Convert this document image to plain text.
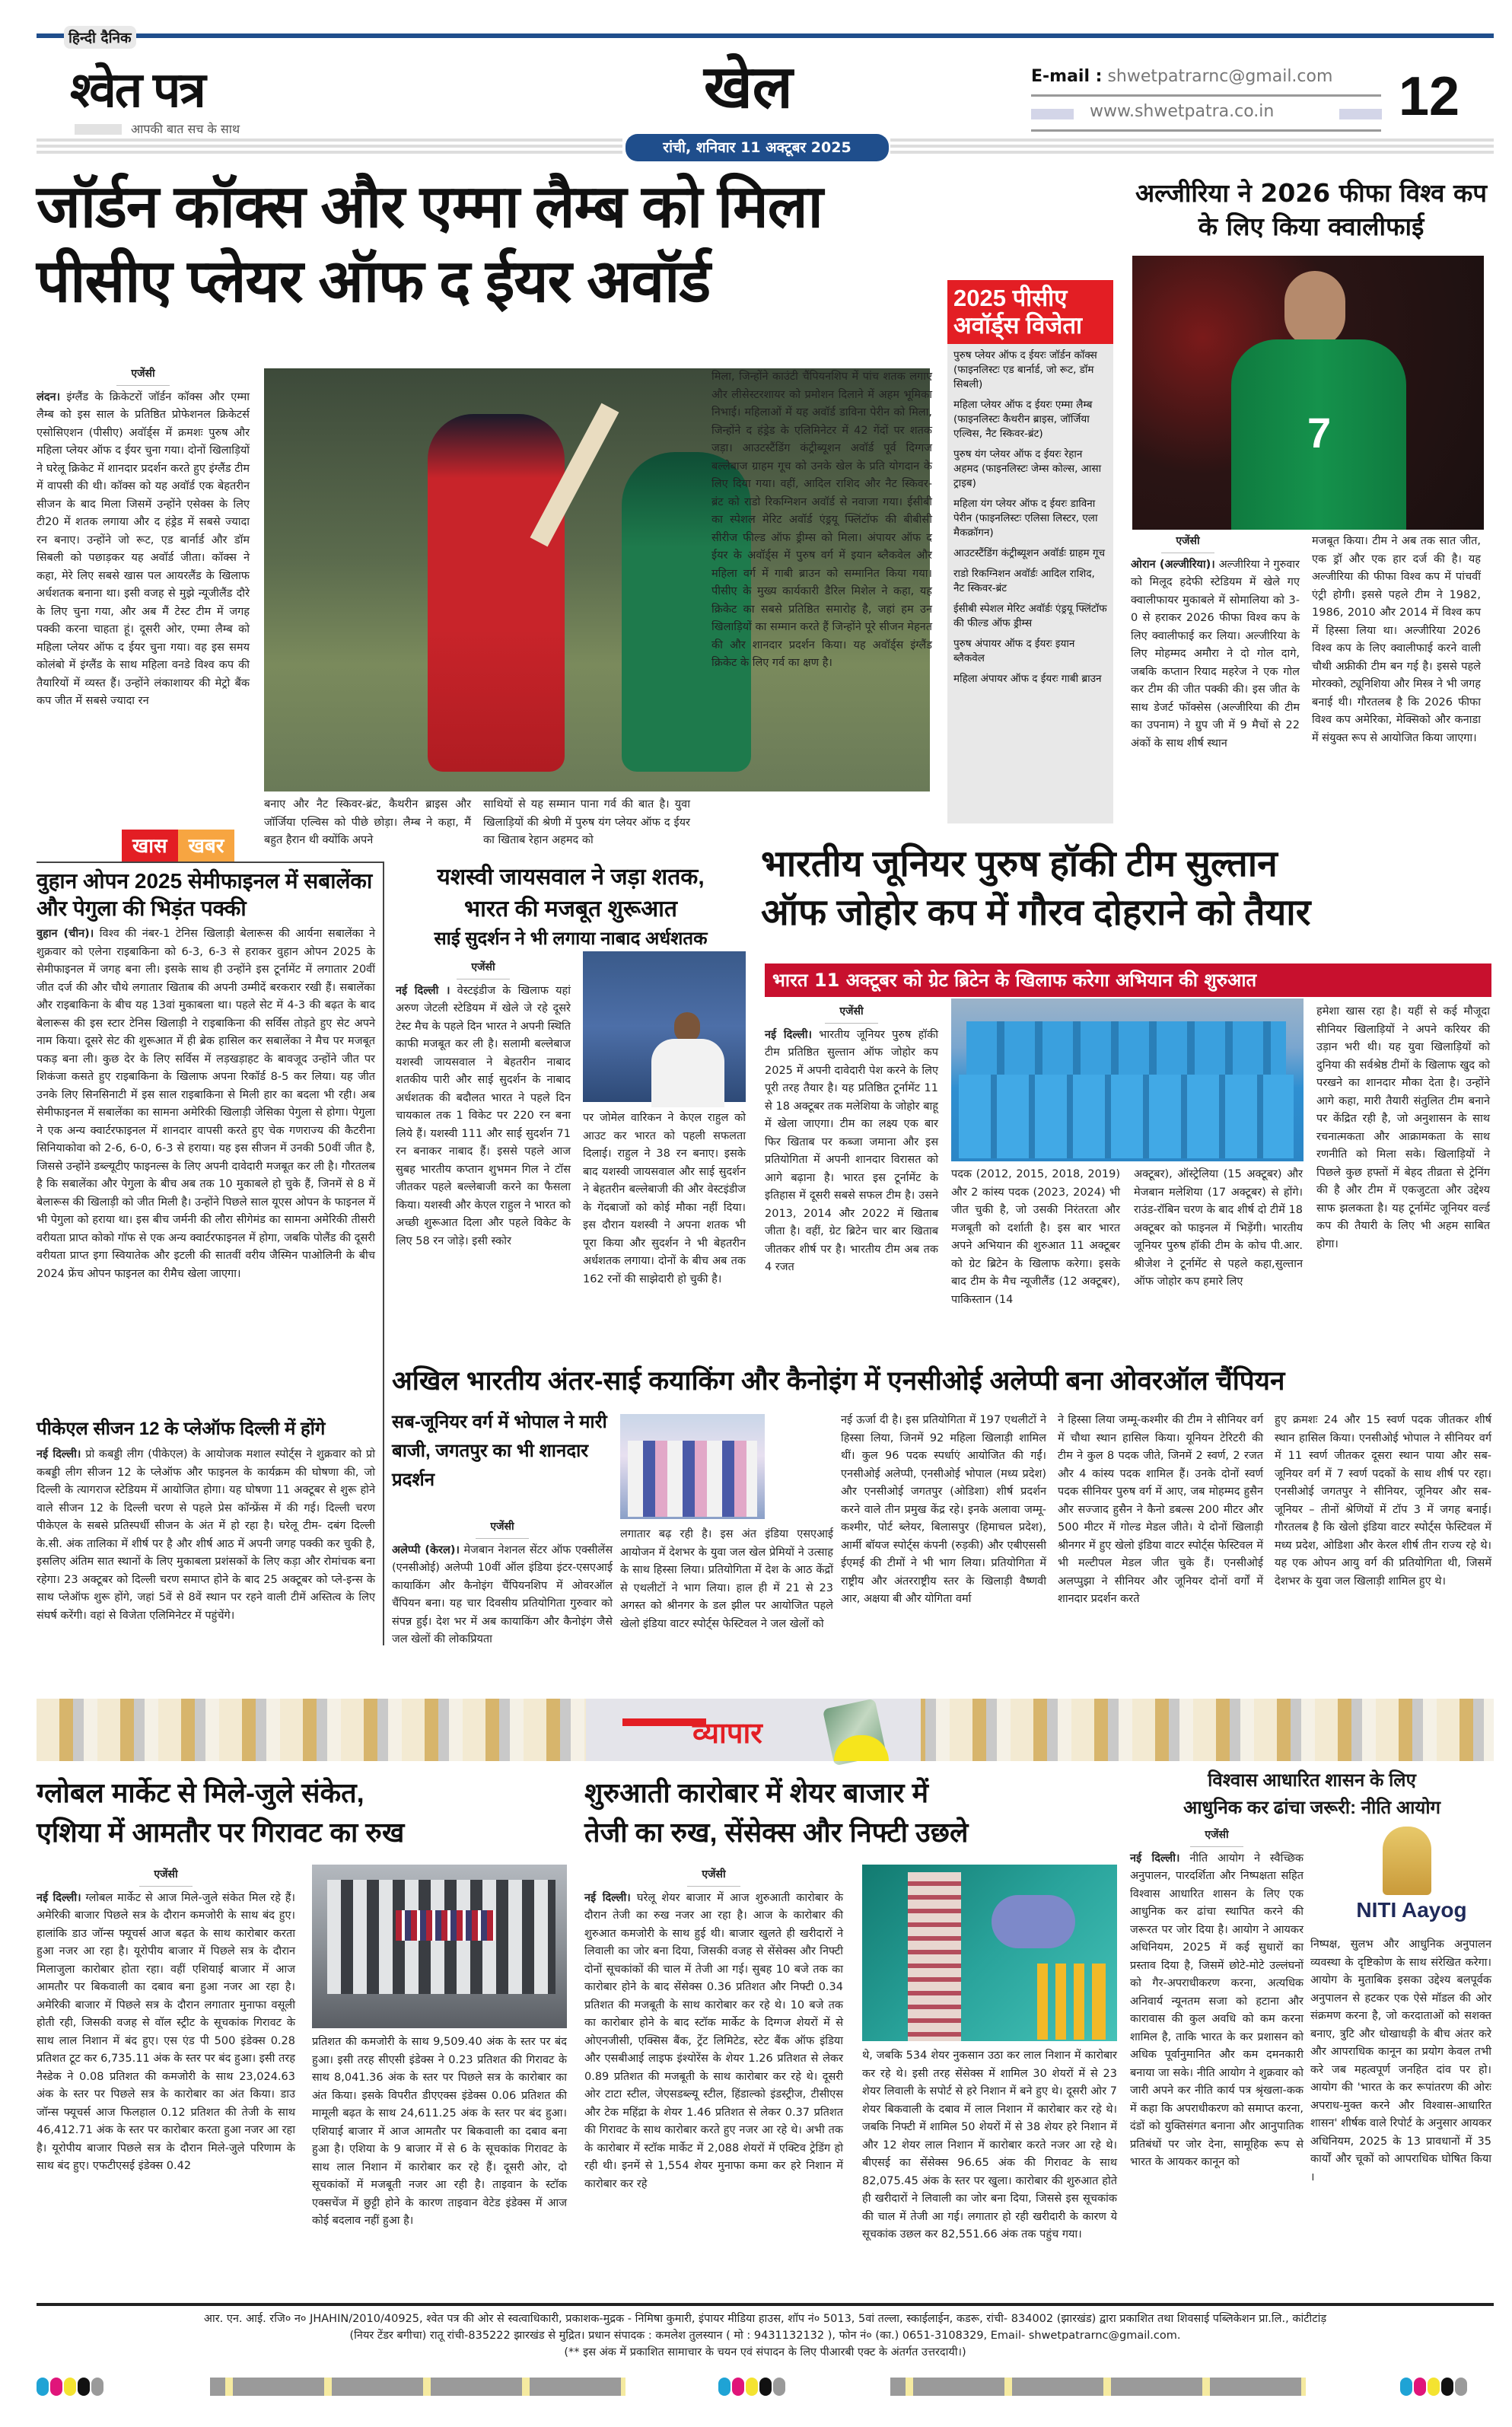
हिन्दी दैनिक
श्वेत पत्र
आपकी बात सच के साथ
खेल
रांची, शनिवार 11 अक्टूबर 2025
E-mail : shwetpatrarnc@gmail.com
www.shwetpatra.co.in 12
जॉर्डन कॉक्स और एम्मा लैम्ब को मिला
पीसीए प्लेयर ऑफ द ईयर अवॉर्ड
एजेंसी

लंदन। इंग्लैंड के क्रिकेटरों जॉर्डन कॉक्स और एम्मा लैम्ब को इस साल के प्रतिष्ठित प्रोफेशनल क्रिकेटर्स एसोसिएशन (पीसीए) अवॉर्ड्स में क्रमशः पुरुष और महिला प्लेयर ऑफ द ईयर चुना गया। दोनों खिलाड़ियों ने घरेलू क्रिकेट में शानदार प्रदर्शन करते हुए इंग्लैंड टीम में वापसी की थी। कॉक्स को यह अवॉर्ड एक बेहतरीन सीजन के बाद मिला जिसमें उन्होंने एसेक्स के लिए टी20 में शतक लगाया और द हंड्रेड में सबसे ज्यादा रन बनाए। उन्होंने जो रूट, एड बार्नार्ड और डॉम सिबली को पछाड़कर यह अवॉर्ड जीता। कॉक्स ने कहा, मेरे लिए सबसे खास पल आयरलैंड के खिलाफ अर्धशतक बनाना था। इसी वजह से मुझे न्यूजीलैंड दौरे के लिए चुना गया, और अब मैं टेस्ट टीम में जगह पक्की करना चाहता हूं। दूसरी ओर, एम्मा लैम्ब को महिला प्लेयर ऑफ द ईयर चुना गया। वह इस समय कोलंबो में इंग्लैंड के साथ महिला वनडे विश्व कप की तैयारियों में व्यस्त हैं। उन्होंने लंकाशायर की मेट्रो बैंक कप जीत में सबसे ज्यादा रन

बनाए और नैट स्किवर-ब्रंट, कैथरीन ब्राइस और जॉर्जिया एल्विस को पीछे छोड़ा। लैम्ब ने कहा, मैं बहुत हैरान थी क्योंकि अपने

साथियों से यह सम्मान पाना गर्व की बात है। युवा खिलाड़ियों की श्रेणी में पुरुष यंग प्लेयर ऑफ द ईयर का खिताब रेहान अहमद को

मिला, जिन्होंने काउंटी चैंपियनशिप में पांच शतक लगाए और लीसेस्टरशायर को प्रमोशन दिलाने में अहम भूमिका निभाई। महिलाओं में यह अवॉर्ड डाविना पेरीन को मिला, जिन्होंने द हंड्रेड के एलिमिनेटर में 42 गेंदों पर शतक जड़ा। आउटस्टैंडिंग कंट्रीब्यूशन अवॉर्ड पूर्व दिग्गज बल्लेबाज ग्राहम गूच को उनके खेल के प्रति योगदान के लिए दिया गया। वहीं, आदिल राशिद और नैट स्किवर-ब्रंट को राडो रिकग्निशन अवॉर्ड से नवाजा गया। ईसीबी का स्पेशल मेरिट अवॉर्ड एंड्रयू फ्लिंटॉफ की बीबीसी सीरीज फील्ड ऑफ ड्रीम्स को मिला। अंपायर ऑफ द ईयर के अवॉर्ड्स में पुरुष वर्ग में इयान ब्लैकवेल और महिला वर्ग में गाबी ब्राउन को सम्मानित किया गया। पीसीए के मुख्य कार्यकारी डैरिल मिशेल ने कहा, यह क्रिकेट का सबसे प्रतिष्ठित समारोह है, जहां हम उन खिलाड़ियों का सम्मान करते हैं जिन्होंने पूरे सीजन मेहनत की और शानदार प्रदर्शन किया। यह अवॉर्ड्स इंग्लैंड क्रिकेट के लिए गर्व का क्षण है।

2025 पीसीए
अवॉर्ड्स विजेता

पुरुष प्लेयर ऑफ द ईयरः जॉर्डन कॉक्स (फाइनलिस्टः एड बार्नार्ड, जो रूट, डॉम सिबली)

महिला प्लेयर ऑफ द ईयरः एम्मा लैम्ब (फाइनलिस्टः कैथरीन ब्राइस, जॉर्जिया एल्विस, नैट स्किवर-ब्रंट)

पुरुष यंग प्लेयर ऑफ द ईयरः रेहान अहमद (फाइनलिस्टः जेम्स कोल्स, आसा ट्राइब)

महिला यंग प्लेयर ऑफ द ईयरः डाविना पेरीन (फाइनलिस्टः एलिसा लिस्टर, एला मैकक्रॉगन)

आउटस्टैंडिंग कंट्रीब्यूशन अवॉर्डः ग्राहम गूच

राडो रिकग्निशन अवॉर्डः आदिल राशिद, नैट स्किवर-ब्रंट

ईसीबी स्पेशल मेरिट अवॉर्डः एंड्रयू फ्लिंटॉफ की फील्ड ऑफ ड्रीम्स

पुरुष अंपायर ऑफ द ईयरः इयान ब्लैकवेल

महिला अंपायर ऑफ द ईयरः गाबी ब्राउन

अल्जीरिया ने 2026 फीफा विश्व कप के लिए किया क्वालीफाई
7
एजेंसी

ओरान (अल्जीरिया)। अल्जीरिया ने गुरुवार को मिलूद हदेफी स्टेडियम में खेले गए क्वालीफायर मुकाबले में सोमालिया को 3-0 से हराकर 2026 फीफा विश्व कप के लिए क्वालीफाई कर लिया। अल्जीरिया के लिए मोहम्मद अमौरा ने दो गोल दागे, जबकि कप्तान रियाद महरेज ने एक गोल कर टीम की जीत पक्की की। इस जीत के साथ डेजर्ट फॉक्सेस (अल्जीरिया की टीम का उपनाम) ने ग्रुप जी में 9 मैचों से 22 अंकों के साथ शीर्ष स्थान

मजबूत किया। टीम ने अब तक सात जीत, एक ड्रॉ और एक हार दर्ज की है। यह अल्जीरिया की फीफा विश्व कप में पांचवीं एंट्री होगी। इससे पहले टीम ने 1982, 1986, 2010 और 2014 में विश्व कप में हिस्सा लिया था। अल्जीरिया 2026 विश्व कप के लिए क्वालीफाई करने वाली चौथी अफ्रीकी टीम बन गई है। इससे पहले मोरक्को, ट्यूनिशिया और मिस्त्र ने भी जगह बनाई थी। गौरतलब है कि 2026 फीफा विश्व कप अमेरिका, मेक्सिको और कनाडा में संयुक्त रूप से आयोजित किया जाएगा।

खास	खबर
वुहान ओपन 2025 सेमीफाइनल में सबालेंका और पेगुला की भिड़ंत पक्की

वुहान (चीन)। विश्व की नंबर-1 टेनिस खिलाड़ी बेलारूस की आर्यना सबालेंका ने शुक्रवार को एलेना राइबाकिना को 6-3, 6-3 से हराकर वुहान ओपन 2025 के सेमीफाइनल में जगह बना ली। इसके साथ ही उन्होंने इस टूर्नामेंट में लगातार 20वीं जीत दर्ज की और चौथे लगातार खिताब की अपनी उम्मीदें बरकरार रखी हैं। सबालेंका और राइबाकिना के बीच यह 13वां मुकाबला था। पहले सेट में 4-3 की बढ़त के बाद बेलारूस की इस स्टार टेनिस खिलाड़ी ने राइबाकिना की सर्विस तोड़ते हुए सेट अपने नाम किया। दूसरे सेट की शुरूआत में ही ब्रेक हासिल कर सबालेंका ने मैच पर मजबूत पकड़ बना ली। कुछ देर के लिए सर्विस में लड़खड़ाहट के बावजूद उन्होंने जीत पर शिकंजा कसते हुए राइबाकिना के खिलाफ अपना रिकॉर्ड 8-5 कर लिया। यह जीत उनके लिए सिनसिनाटी में इस साल राइबाकिना से मिली हार का बदला भी रही। अब सेमीफाइनल में सबालेंका का सामना अमेरिकी खिलाड़ी जेसिका पेगुला से होगा। पेगुला ने एक अन्य क्वार्टरफाइनल में शानदार वापसी करते हुए चेक गणराज्य की कैटरीना सिनियाकोवा को 2-6, 6-0, 6-3 से हराया। यह इस सीजन में उनकी 50वीं जीत है, जिससे उन्होंने डब्ल्यूटीए फाइनल्स के लिए अपनी दावेदारी मजबूत कर ली है। गौरतलब है कि सबालेंका और पेगुला के बीच अब तक 10 मुकाबले हो चुके हैं, जिनमें से 8 में बेलारूस की खिलाड़ी को जीत मिली है। उन्होंने पिछले साल यूएस ओपन के फाइनल में भी पेगुला को हराया था। इस बीच जर्मनी की लौरा सीगेमंड का सामना अमेरिकी तीसरी वरीयता प्राप्त कोको गॉफ से एक अन्य क्वार्टरफाइनल में होगा, जबकि पोलैंड की दूसरी वरीयता प्राप्त इगा स्वियातेक और इटली की सातवीं वरीय जैस्मिन पाओलिनी के बीच 2024 फ्रेंच ओपन फाइनल का रीमैच खेला जाएगा।

पीकेएल सीजन 12 के प्लेऑफ दिल्ली में होंगे

नई दिल्ली। प्रो कबड्डी लीग (पीकेएल) के आयोजक मशाल स्पोर्ट्स ने शुक्रवार को प्रो कबड्डी लीग सीजन 12 के प्लेऑफ और फाइनल के कार्यक्रम की घोषणा की, जो दिल्ली के त्यागराज स्टेडियम में आयोजित होगा। यह घोषणा 11 अक्टूबर से शुरू होने वाले सीजन 12 के दिल्ली चरण से पहले प्रेस कॉन्फ्रेंस में की गई। दिल्ली चरण पीकेएल के सबसे प्रतिस्पर्धी सीजन के अंत में हो रहा है। घरेलू टीम- दबंग दिल्ली के.सी. अंक तालिका में शीर्ष पर है और शीर्ष आठ में अपनी जगह पक्की कर चुकी है, इसलिए अंतिम सात स्थानों के लिए मुकाबला प्रशंसकों के लिए कड़ा और रोमांचक बना रहेगा। 23 अक्टूबर को दिल्ली चरण समाप्त होने के बाद 25 अक्टूबर को प्ले-इन्स के साथ प्लेऑफ शुरू होंगे, जहां 5वें से 8वें स्थान पर रहने वाली टीमें अस्तित्व के लिए संघर्ष करेंगी। वहां से विजेता एलिमिनेटर में पहुंचेंगे।

यशस्वी जायसवाल ने जड़ा शतक,
भारत की मजबूत शुरूआत
साई सुदर्शन ने भी लगाया नाबाद अर्धशतक
एजेंसी

नई दिल्ली । वेस्टइंडीज के खिलाफ यहां अरुण जेटली स्टेडियम में खेले जे रहे दूसरे टेस्ट मैच के पहले दिन भारत ने अपनी स्थिति काफी मजबूत कर ली है। सलामी बल्लेबाज यशस्वी जायसवाल ने बेहतरीन नाबाद शतकीय पारी और साई सुदर्शन के नाबाद अर्धशतक की बदौलत भारत ने पहले दिन चायकाल तक 1 विकेट पर 220 रन बना लिये हैं। यशस्वी 111 और साई सुदर्शन 71 रन बनाकर नाबाद हैं। इससे पहले आज सुबह भारतीय कप्तान शुभमन गिल ने टॉस जीतकर पहले बल्लेबाजी करने का फैसला किया। यशस्वी और केएल राहुल ने भारत को अच्छी शुरूआत दिला और पहले विकेट के लिए 58 रन जोड़े। इसी स्कोर

पर जोमेल वारिकन ने केएल राहुल को आउट कर भारत को पहली सफलता दिलाई। राहुल ने 38 रन बनाए। इसके बाद यशस्वी जायसवाल और साई सुदर्शन ने बेहतरीन बल्लेबाजी की और वेस्टइंडीज के गेंदबाजों को कोई मौका नहीं दिया। इस दौरान यशस्वी ने अपना शतक भी पूरा किया और सुदर्शन ने भी बेहतरीन अर्धशतक लगाया। दोनों के बीच अब तक 162 रनों की साझेदारी हो चुकी है।

भारतीय जूनियर पुरुष हॉकी टीम सुल्तान
ऑफ जोहोर कप में गौरव दोहराने को तैयार
भारत 11 अक्टूबर को ग्रेट ब्रिटेन के खिलाफ करेगा अभियान की शुरुआत
एजेंसी

नई दिल्ली। भारतीय जूनियर पुरुष हॉकी टीम प्रतिष्ठित सुल्तान ऑफ जोहोर कप 2025 में अपनी दावेदारी पेश करने के लिए पूरी तरह तैयार है। यह प्रतिष्ठित टूर्नामेंट 11 से 18 अक्टूबर तक मलेशिया के जोहोर बाहू में खेला जाएगा। टीम का लक्ष्य एक बार फिर खिताब पर कब्जा जमाना और इस प्रतियोगिता में अपनी शानदार विरासत को आगे बढ़ाना है। भारत इस टूर्नामेंट के इतिहास में दूसरी सबसे सफल टीम है। उसने 2013, 2014 और 2022 में खिताब जीता है। वहीं, ग्रेट ब्रिटेन चार बार खिताब जीतकर शीर्ष पर है। भारतीय टीम अब तक 4 रजत

पदक (2012, 2015, 2018, 2019) और 2 कांस्य पदक (2023, 2024) भी जीत चुकी है, जो उसकी निरंतरता और मजबूती को दर्शाती है। इस बार भारत अपने अभियान की शुरुआत 11 अक्टूबर को ग्रेट ब्रिटेन के खिलाफ करेगा। इसके बाद टीम के मैच न्यूजीलैंड (12 अक्टूबर), पाकिस्तान (14

अक्टूबर), ऑस्ट्रेलिया (15 अक्टूबर) और मेजबान मलेशिया (17 अक्टूबर) से होंगे। राउंड-रॉबिन चरण के बाद शीर्ष दो टीमें 18 अक्टूबर को फाइनल में भिड़ेंगी। भारतीय जूनियर पुरुष हॉकी टीम के कोच पी.आर. श्रीजेश ने टूर्नामेंट से पहले कहा,सुल्तान ऑफ जोहोर कप हमारे लिए

हमेशा खास रहा है। यहीं से कई मौजूदा सीनियर खिलाड़ियों ने अपने करियर की उड़ान भरी थी। यह युवा खिलाड़ियों को दुनिया की सर्वश्रेष्ठ टीमों के खिलाफ खुद को परखने का शानदार मौका देता है। उन्होंने आगे कहा, मारी तैयारी संतुलित टीम बनाने पर केंद्रित रही है, जो अनुशासन के साथ रचनात्मकता और आक्रामकता के साथ रणनीति को मिला सके। खिलाड़ियों ने पिछले कुछ हफ्तों में बेहद तीव्रता से ट्रेनिंग की है और टीम में एकजुटता और उद्देश्य साफ झलकता है। यह टूर्नामेंट जूनियर वर्ल्ड कप की तैयारी के लिए भी अहम साबित होगा।

अखिल भारतीय अंतर-साई कयाकिंग और कैनोइंग में एनसीओई अलेप्पी बना ओवरऑल चैंपियन
सब-जूनियर वर्ग में भोपाल ने मारी बाजी, जगतपुर का भी शानदार प्रदर्शन
एजेंसी

अलेप्पी (केरल)। मेजबान नेशनल सेंटर ऑफ एक्सीलेंस (एनसीओई) अलेप्पी 10वीं ऑल इंडिया इंटर-एसएआई कायाकिंग और कैनोइंग चैंपियनशिप में ओवरऑल चैंपियन बना। यह चार दिवसीय प्रतियोगिता गुरुवार को संपन्न हुई। देश भर में अब कायाकिंग और कैनोइंग जैसे जल खेलों की लोकप्रियता

लगातार बढ़ रही है। इस अंत इंडिया एसएआई आयोजन में देशभर के युवा जल खेल प्रेमियों ने उत्साह के साथ हिस्सा लिया। प्रतियोगिता में देश के आठ केंद्रों से एथलीटों ने भाग लिया। हाल ही में 21 से 23 अगस्त को श्रीनगर के डल झील पर आयोजित पहले खेलो इंडिया वाटर स्पोर्ट्स फेस्टिवल ने जल खेलों को

नई ऊर्जा दी है। इस प्रतियोगिता में 197 एथलीटों ने हिस्सा लिया, जिनमें 92 महिला खिलाड़ी शामिल थीं। कुल 96 पदक स्पर्धाएं आयोजित की गईं। एनसीओई अलेप्पी, एनसीओई भोपाल (मध्य प्रदेश) और एनसीओई जगतपुर (ओडिशा) शीर्ष प्रदर्शन करने वाले तीन प्रमुख केंद्र रहे। इनके अलावा जम्मू-कश्मीर, पोर्ट ब्लेयर, बिलासपुर (हिमाचल प्रदेश), आर्मी बॉयज स्पोर्ट्स कंपनी (रुड़की) और एबीएससी ईएमई की टीमों ने भी भाग लिया। प्रतियोगिता में राष्ट्रीय और अंतरराष्ट्रीय स्तर के खिलाड़ी वैष्णवी आर, अक्षया बी और योगिता वर्मा

ने हिस्सा लिया जम्मू-कश्मीर की टीम ने सीनियर वर्ग में चौथा स्थान हासिल किया। यूनियन टेरिटरी की टीम ने कुल 8 पदक जीते, जिनमें 2 स्वर्ण, 2 रजत और 4 कांस्य पदक शामिल हैं। उनके दोनों स्वर्ण पदक सीनियर पुरुष वर्ग में आए, जब मोहम्मद हुसैन और सज्जाद हुसैन ने कैनो डबल्स 200 मीटर और 500 मीटर में गोल्ड मेडल जीते। ये दोनों खिलाड़ी श्रीनगर में हुए खेलो इंडिया वाटर स्पोर्ट्स फेस्टिवल में भी मल्टीपल मेडल जीत चुके हैं। एनसीओई अलप्पुझा ने सीनियर और जूनियर दोनों वर्गों में शानदार प्रदर्शन करते

हुए क्रमशः 24 और 15 स्वर्ण पदक जीतकर शीर्ष स्थान हासिल किया। एनसीओई भोपाल ने सीनियर वर्ग में 11 स्वर्ण जीतकर दूसरा स्थान पाया और सब-जूनियर वर्ग में 7 स्वर्ण पदकों के साथ शीर्ष पर रहा। एनसीओई जगतपुर ने सीनियर, जूनियर और सब-जूनियर – तीनों श्रेणियों में टॉप 3 में जगह बनाई। गौरतलब है कि खेलो इंडिया वाटर स्पोर्ट्स फेस्टिवल में मध्य प्रदेश, ओडिशा और केरल शीर्ष तीन राज्य रहे थे। यह एक ओपन आयु वर्ग की प्रतियोगिता थी, जिसमें देशभर के युवा जल खिलाड़ी शामिल हुए थे।

व्यापार
ग्लोबल मार्केट से मिले-जुले संकेत,
एशिया में आमतौर पर गिरावट का रुख
एजेंसी

नई दिल्ली। ग्लोबल मार्केट से आज मिले-जुले संकेत मिल रहे हैं। अमेरिकी बाजार पिछले सत्र के दौरान कमजोरी के साथ बंद हुए। हालांकि डाउ जॉन्स फ्यूचर्स आज बढ़त के साथ कारोबार करता हुआ नजर आ रहा है। यूरोपीय बाजार में पिछले सत्र के दौरान मिलाजुला कारोबार होता रहा। वहीं एशियाई बाजार में आज आमतौर पर बिकवाली का दबाव बना हुआ नजर आ रहा है। अमेरिकी बाजार में पिछले सत्र के दौरान लगातार मुनाफा वसूली होती रही, जिसकी वजह से वॉल स्ट्रीट के सूचकांक गिरावट के साथ लाल निशान में बंद हुए। एस एंड पी 500 इंडेक्स 0.28 प्रतिशत टूट कर 6,735.11 अंक के स्तर पर बंद हुआ। इसी तरह नैस्डेक ने 0.08 प्रतिशत की कमजोरी के साथ 23,024.63 अंक के स्तर पर पिछले सत्र के कारोबार का अंत किया। डाउ जॉन्स फ्यूचर्स आज फिलहाल 0.12 प्रतिशत की तेजी के साथ 46,412.71 अंक के स्तर पर कारोबार करता हुआ नजर आ रहा है। यूरोपीय बाजार पिछले सत्र के दौरान मिले-जुले परिणाम के साथ बंद हुए। एफटीएसई इंडेक्स 0.42

प्रतिशत की कमजोरी के साथ 9,509.40 अंक के स्तर पर बंद हुआ। इसी तरह सीएसी इंडेक्स ने 0.23 प्रतिशत की गिरावट के साथ 8,041.36 अंक के स्तर पर पिछले सत्र के कारोबार का अंत किया। इसके विपरीत डीएएक्स इंडेक्स 0.06 प्रतिशत की मामूली बढ़त के साथ 24,611.25 अंक के स्तर पर बंद हुआ। एशियाई बाजार में आज आमतौर पर बिकवाली का दबाव बना हुआ है। एशिया के 9 बाजार में से 6 के सूचकांक गिरावट के साथ लाल निशान में कारोबार कर रहे हैं। दूसरी ओर, दो सूचकांकों में मजबूती नजर आ रही है। ताइवान के स्टॉक एक्सचेंज में छुट्टी होने के कारण ताइवान वेटेड इंडेक्स में आज कोई बदलाव नहीं हुआ है।

शुरुआती कारोबार में शेयर बाजार में
तेजी का रुख, सेंसेक्स और निफ्टी उछले
एजेंसी

नई दिल्ली। घरेलू शेयर बाजार में आज शुरुआती कारोबार के दौरान तेजी का रुख नजर आ रहा है। आज के कारोबार की शुरुआत कमजोरी के साथ हुई थी। बाजार खुलते ही खरीदारों ने लिवाली का जोर बना दिया, जिसकी वजह से सेंसेक्स और निफ्टी दोनों सूचकांकों की चाल में तेजी आ गई। सुबह 10 बजे तक का कारोबार होने के बाद सेंसेक्स 0.36 प्रतिशत और निफ्टी 0.34 प्रतिशत की मजबूती के साथ कारोबार कर रहे थे। 10 बजे तक का कारोबार होने के बाद स्टॉक मार्केट के दिग्गज शेयरों में से ओएनजीसी, एक्सिस बैंक, ट्रेंट लिमिटेड, स्टेट बैंक ऑफ इंडिया और एसबीआई लाइफ इंश्योरेंस के शेयर 1.26 प्रतिशत से लेकर 0.89 प्रतिशत की मजबूती के साथ कारोबार कर रहे थे। दूसरी ओर टाटा स्टील, जेएसडब्ल्यू स्टील, हिंडाल्को इंडस्ट्रीज, टीसीएस और टेक महिंद्रा के शेयर 1.46 प्रतिशत से लेकर 0.37 प्रतिशत की गिरावट के साथ कारोबार करते हुए नजर आ रहे थे। अभी तक के कारोबार में स्टॉक मार्केट में 2,088 शेयरों में एक्टिव ट्रेडिंग हो रही थी। इनमें से 1,554 शेयर मुनाफा कमा कर हरे निशान में कारोबार कर रहे

थे, जबकि 534 शेयर नुकसान उठा कर लाल निशान में कारोबार कर रहे थे। इसी तरह सेंसेक्स में शामिल 30 शेयरों में से 23 शेयर लिवाली के सपोर्ट से हरे निशान में बने हुए थे। दूसरी ओर 7 शेयर बिकवाली के दबाव में लाल निशान में कारोबार कर रहे थे। जबकि निफ्टी में शामिल 50 शेयरों में से 38 शेयर हरे निशान में और 12 शेयर लाल निशान में कारोबार करते नजर आ रहे थे। बीएसई का सेंसेक्स 96.65 अंक की गिरावट के साथ 82,075.45 अंक के स्तर पर खुला। कारोबार की शुरुआत होते ही खरीदारों ने लिवाली का जोर बना दिया, जिससे इस सूचकांक की चाल में तेजी आ गई। लगातार हो रही खरीदारी के कारण ये सूचकांक उछल कर 82,551.66 अंक तक पहुंच गया।

विश्वास आधारित शासन के लिए
आधुनिक कर ढांचा जरूरी: नीति आयोग
एजेंसी

नई दिल्ली। नीति आयोग ने स्वैच्छिक अनुपालन, पारदर्शिता और निष्पक्षता सहित विश्वास आधारित शासन के लिए एक आधुनिक कर ढांचा स्थापित करने की जरूरत पर जोर दिया है। आयोग ने आयकर अधिनियम, 2025 में कई सुधारों का प्रस्ताव दिया है, जिसमें छोटे-मोटे उल्लंघनों को गैर-अपराधीकरण करना, अत्यधिक अनिवार्य न्यूनतम सजा को हटाना और कारावास की कुल अवधि को कम करना शामिल है, ताकि भारत के कर प्रशासन को अधिक पूर्वानुमानित और कम दमनकारी बनाया जा सके। नीति आयोग ने शुक्रवार को जारी अपने कर नीति कार्य पत्र श्रृंखला-कक में कहा कि अपराधीकरण को समाप्त करना, दंडों को युक्तिसंगत बनाना और आनुपातिक प्रतिबंधों पर जोर देना, सामूहिक रूप से भारत के आयकर कानून को

NITI Aayog

निष्पक्ष, सुलभ और आधुनिक अनुपालन व्यवस्था के दृष्टिकोण के साथ संरेखित करेगा। आयोग के मुताबिक इसका उद्देश्य बलपूर्वक अनुपालन से हटकर एक ऐसे मॉडल की ओर संक्रमण करना है, जो करदाताओं को सशक्त बनाए, त्रुटि और धोखाधड़ी के बीच अंतर करे और आपराधिक कानून का प्रयोग केवल तभी करे जब महत्वपूर्ण जनहित दांव पर हो। आयोग की 'भारत के कर रूपांतरण की ओरः अपराध-मुक्त करने और विश्वास-आधारित शासन' शीर्षक वाले रिपोर्ट के अनुसार आयकर अधिनियम, 2025 के 13 प्रावधानों में 35 कार्यों और चूकों को आपराधिक घोषित किया ।

आर. एन. आई. रजि० न० JHAHIN/2010/40925, श्वेत पत्र की ओर से स्वत्वाधिकारी, प्रकाशक-मुद्रक - निमिषा कुमारी, इंपायर मीडिया हाउस, शॉप नं० 5013, 5वां तल्ला, स्काईलाईन, कडरू, रांची- 834002 (झारखंड) द्वारा प्रकाशित तथा शिवसाई पब्लिकेशन प्रा.लि., कांटीटांड़
(नियर टेंडर बगीचा) रातू रांची-835222 झारखंड से मुद्रित। प्रधान संपादक : कमलेश तुलस्यान ( मो : 9431132132 ), फोन नं० (का.) 0651-3108329, Email- shwetpatrarnc@gmail.com.
(** इस अंक में प्रकाशित सामाचार के चयन एवं संपादन के लिए पीआरबी एक्ट के अंतर्गत उत्तरदायी।)
